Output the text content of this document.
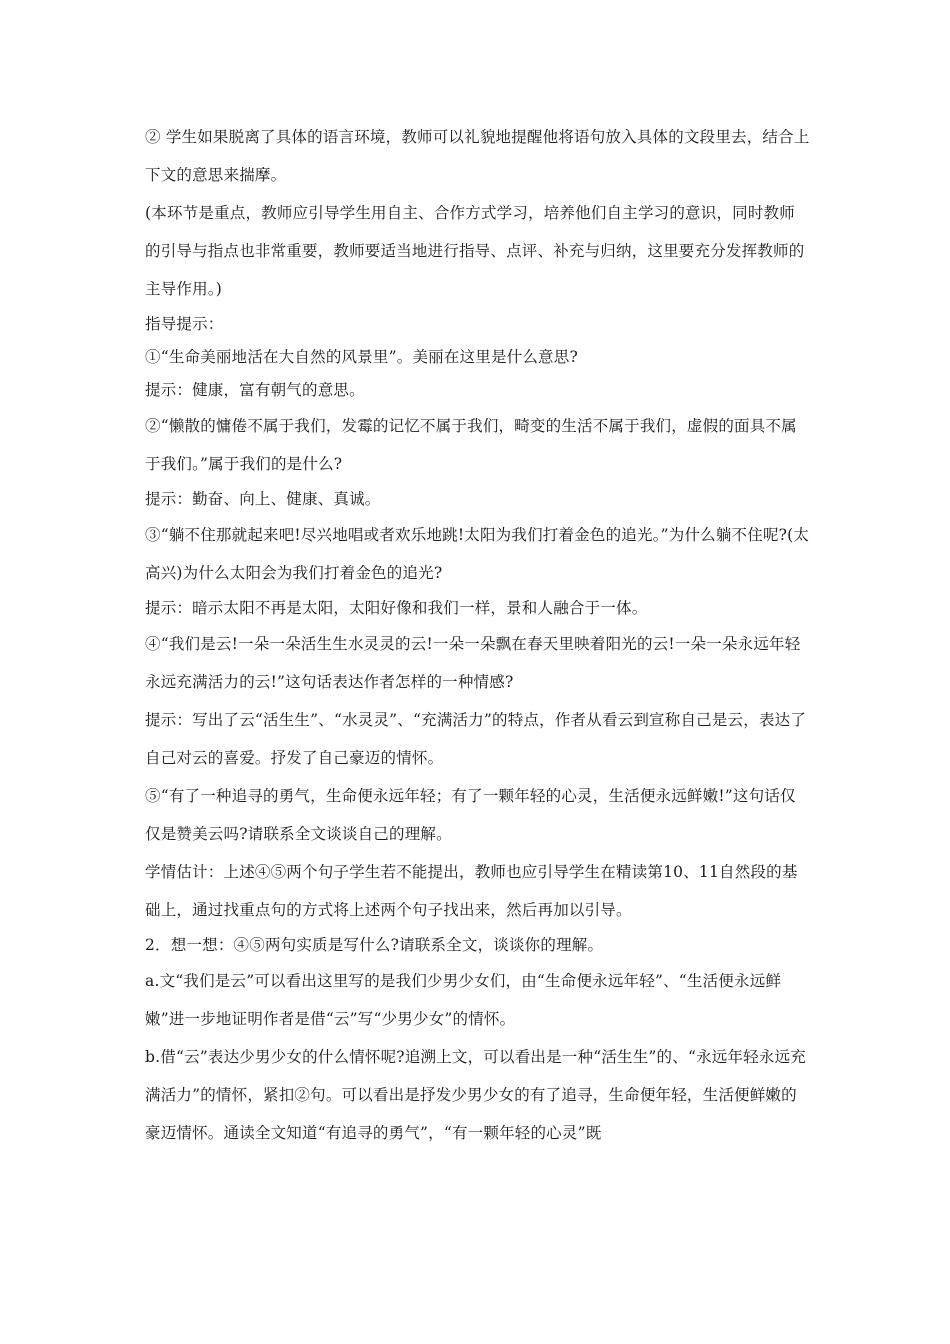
② 学生如果脱离了具体的语言环境，教师可以礼貌地提醒他将语句放入具体的文段里去，结合上下文的意思来揣摩。

(本环节是重点，教师应引导学生用自主、合作方式学习，培养他们自主学习的意识，同时教师的引导与指点也非常重要，教师要适当地进行指导、点评、补充与归纳，这里要充分发挥教师的主导作用。)

指导提示：

①“生命美丽地活在大自然的风景里”。美丽在这里是什么意思?

提示：健康，富有朝气的意思。

②“懒散的慵倦不属于我们，发霉的记忆不属于我们，畸变的生活不属于我们，虚假的面具不属于我们。”属于我们的是什么?

提示：勤奋、向上、健康、真诚。

③“躺不住那就起来吧!尽兴地唱或者欢乐地跳!太阳为我们打着金色的追光。”为什么躺不住呢?(太高兴)为什么太阳会为我们打着金色的追光?

提示：暗示太阳不再是太阳，太阳好像和我们一样，景和人融合于一体。

④“我们是云!一朵一朵活生生水灵灵的云!一朵一朵飘在春天里映着阳光的云!一朵一朵永远年轻永远充满活力的云!”这句话表达作者怎样的一种情感?

提示：写出了云“活生生”、“水灵灵”、“充满活力”的特点，作者从看云到宣称自己是云，表达了自己对云的喜爱。抒发了自己豪迈的情怀。

⑤“有了一种追寻的勇气，生命便永远年轻；有了一颗年轻的心灵，生活便永远鲜嫩!”这句话仅仅是赞美云吗?请联系全文谈谈自己的理解。

学情估计：上述④⑤两个句子学生若不能提出，教师也应引导学生在精读第10、11自然段的基础上，通过找重点句的方式将上述两个句子找出来，然后再加以引导。

2．想一想：④⑤两句实质是写什么?请联系全文，谈谈你的理解。

a.文“我们是云”可以看出这里写的是我们少男少女们，由“生命便永远年轻”、“生活便永远鲜嫩”进一步地证明作者是借“云”写“少男少女”的情怀。

b.借“云”表达少男少女的什么情怀呢?追溯上文，可以看出是一种“活生生”的、“永远年轻永远充满活力”的情怀，紧扣②句。可以看出是抒发少男少女的有了追寻，生命便年轻，生活便鲜嫩的豪迈情怀。通读全文知道“有追寻的勇气”，“有一颗年轻的心灵”既
